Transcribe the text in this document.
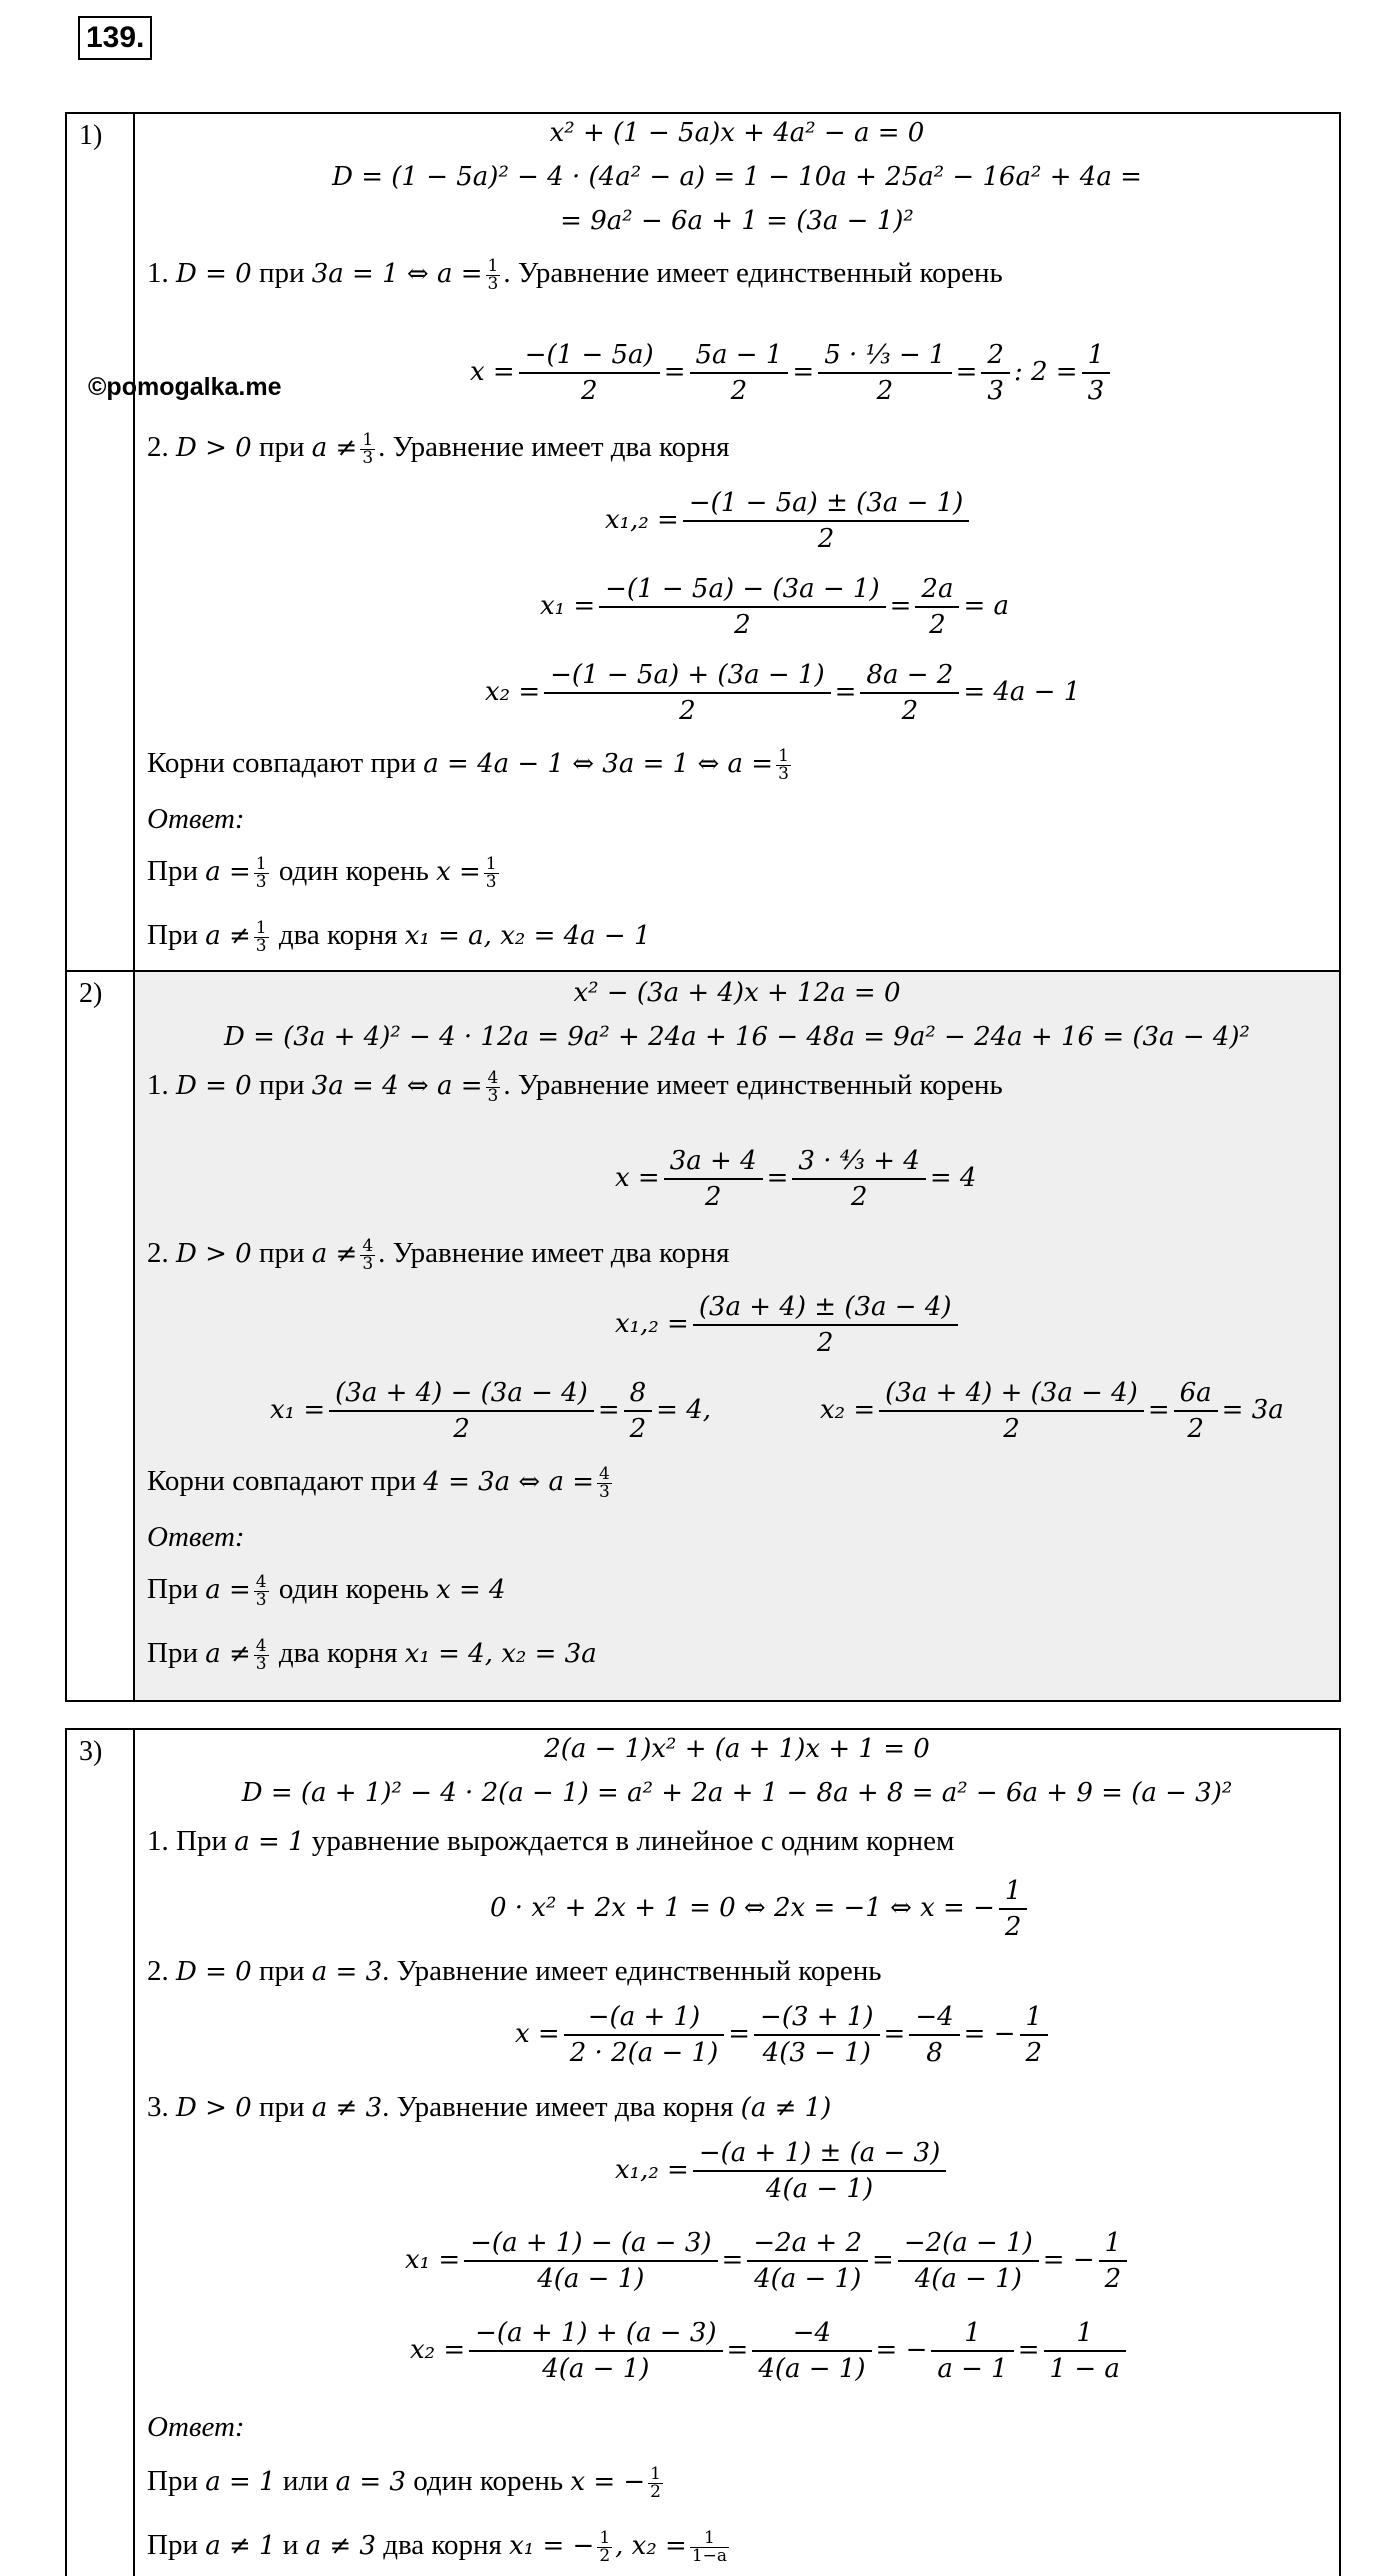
139.
©pomogalka.me
1)	x² + (1 − 5a)x + 4a² − a = 0
D = (1 − 5a)² − 4 · (4a² − a) = 1 − 10a + 25a² − 16a² + 4a =
= 9a² − 6a + 1 = (3a − 1)²
1. D = 0 при 3a = 1 ⇔ $a = \frac{1}{3}$ . Уравнение имеет единственный корень
$x = \frac{-(1 - 5a)}{2} = \frac{5a - 1}{2} = \frac{\text{5 · ⅓ − 1}}{2} = \frac{2}{3}$ : $2 = \frac{1}{3}$
2. D > 0 при $a \ne \frac{1}{3}$ . Уравнение имеет два корня
$x_1,_2 = \frac{-(1 - 5a) \pm (3a - 1)}{2}$
$x_1 = \frac{-(1 - 5a) - (3a - 1)}{2} = \frac{2a}{2} = a$
$x_2 = \frac{-(1 - 5a) + (3a - 1)}{2} = \frac{8a - 2}{2} = 4a - 1$
Корни совпадают при a = 4a − 1 ⇔ 3a = 1 ⇔ $a = \frac{1}{3}$
Ответ:
При $a = \frac{1}{3}$ один корень $x = \frac{1}{3}$
При $a \ne \frac{1}{3}$ два корня x₁ = a, x₂ = 4a − 1
2)	x² − (3a + 4)x + 12a = 0
D = (3a + 4)² − 4 · 12a = 9a² + 24a + 16 − 48a = 9a² − 24a + 16 = (3a − 4)²
1. D = 0 при 3a = 4 ⇔ $a = \frac{4}{3}$ . Уравнение имеет единственный корень
$x = \frac{3a + 4}{2} = \frac{\text{3 · ⁴⁄₃ + 4}}{2} = 4$
2. D > 0 при $a \ne \frac{4}{3}$ . Уравнение имеет два корня
$x_1,_2 = \frac{(3a + 4) \pm (3a - 4)}{2}$
$x_1 = \frac{(3a + 4) - (3a - 4)}{2} = \frac{8}{2} = 4$,	$x_2 = \frac{(3a + 4) + (3a - 4)}{2} = \frac{6a}{2} = 3a$
Корни совпадают при 4 = 3a ⇔ $a = \frac{4}{3}$
Ответ:
При $a = \frac{4}{3}$ один корень x = 4
При $a \ne \frac{4}{3}$ два корня x₁ = 4, x₂ = 3a
3)	2(a − 1)x² + (a + 1)x + 1 = 0
D = (a + 1)² − 4 · 2(a − 1) = a² + 2a + 1 − 8a + 8 = a² − 6a + 9 = (a − 3)²
1. При a = 1 уравнение вырождается в линейное с одним корнем
0 · x² + 2x + 1 = 0 ⇔ 2x = −1 ⇔ x = − $\frac{1}{2}$
2. D = 0 при a = 3. Уравнение имеет единственный корень
$x = \frac{-(a + 1)}{2 \cdot 2(a - 1)} = \frac{-(3 + 1)}{4(3 - 1)} = \frac{-4}{8}$ = − $\frac{1}{2}$
3. D > 0 при a ≠ 3. Уравнение имеет два корня (a ≠ 1)
$x_1,_2 = \frac{-(a + 1) \pm (a - 3)}{4(a - 1)}$
$x_1 = \frac{-(a + 1) - (a - 3)}{4(a - 1)} = \frac{-2a + 2}{4(a - 1)} = \frac{-2(a - 1)}{4(a - 1)}$ = − $\frac{1}{2}$
$x_2 = \frac{-(a + 1) + (a - 3)}{4(a - 1)} = \frac{-4}{4(a - 1)}$ = − $\frac{1}{a - 1} = \frac{1}{1 - a}$
Ответ:
При a = 1 или a = 3 один корень x = − $\frac{1}{2}$
При a ≠ 1 и a ≠ 3 два корня x₁ = − $\frac{1}{2}$ , $x_2 = \frac{1}{1-a}$
